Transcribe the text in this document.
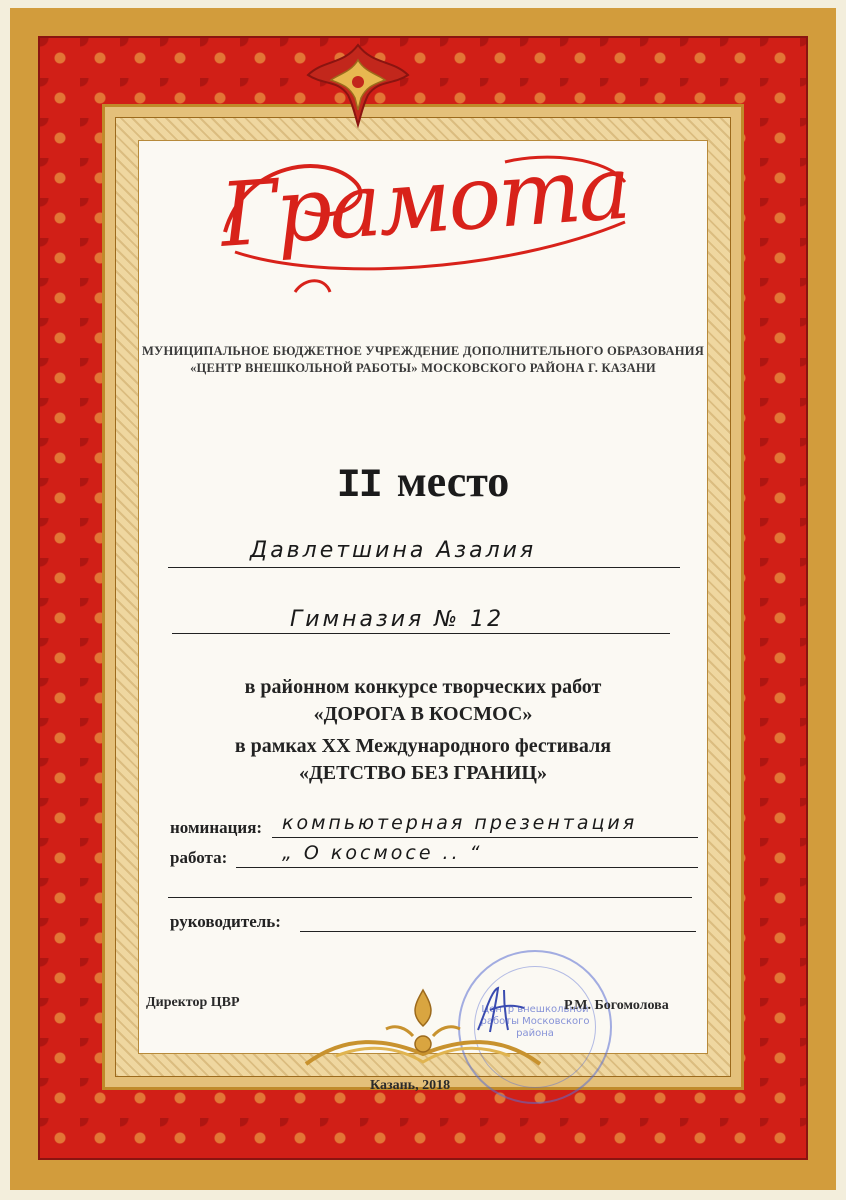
Грамота
МУНИЦИПАЛЬНОЕ БЮДЖЕТНОЕ УЧРЕЖДЕНИЕ ДОПОЛНИТЕЛЬНОГО ОБРАЗОВАНИЯ
«ЦЕНТР ВНЕШКОЛЬНОЙ РАБОТЫ» МОСКОВСКОГО РАЙОНА Г. КАЗАНИ
II место
Давлетшина Азалия
Гимназия № 12
в районном конкурсе творческих работ
«ДОРОГА В КОСМОС»
в рамках XX Международного фестиваля
«ДЕТСТВО БЕЗ ГРАНИЦ»
номинация: компьютерная презентация
работа:	„ О космосе .. “
руководитель:
Центр внешкольной работы Московского района
Директор ЦВР	Р.М. Богомолова
Казань, 2018
